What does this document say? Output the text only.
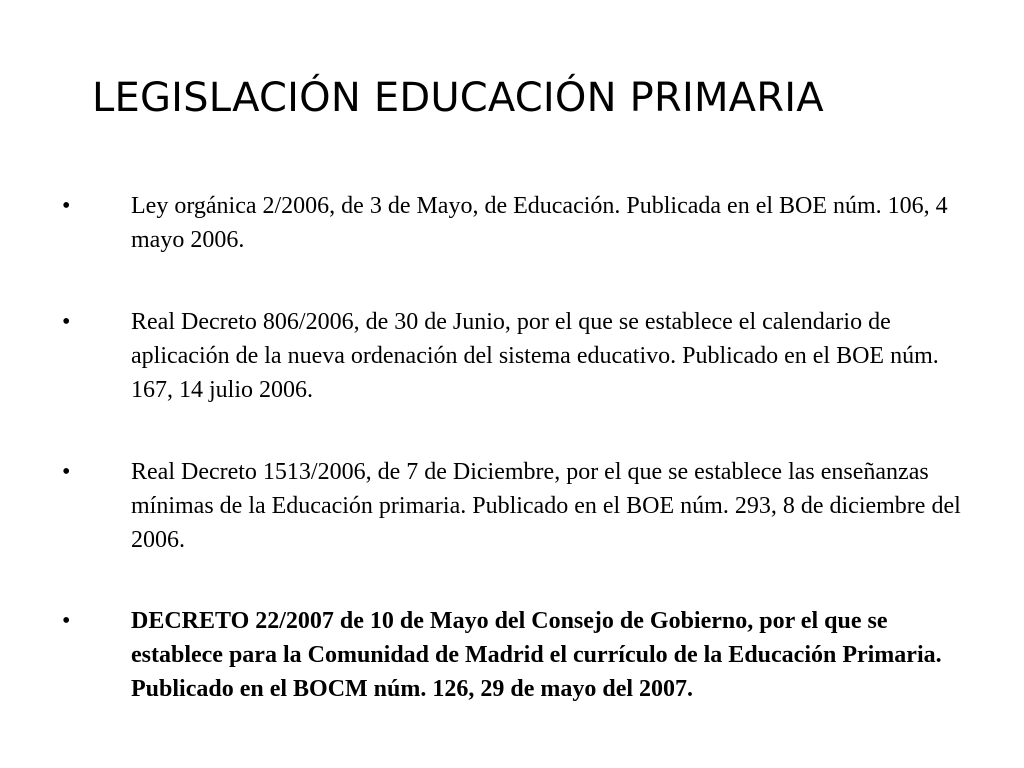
LEGISLACIÓN EDUCACIÓN PRIMARIA
•	Ley orgánica 2/2006, de 3 de Mayo, de Educación. Publicada en el BOE núm. 106, 4 mayo 2006.
•	Real Decreto 806/2006, de 30 de Junio, por el que se establece el calendario de aplicación de la nueva ordenación del sistema educativo. Publicado en el BOE núm. 167, 14 julio 2006.
•	Real Decreto 1513/2006, de 7 de Diciembre, por el que se establece las enseñanzas mínimas de la Educación primaria. Publicado en el BOE núm. 293, 8 de diciembre del 2006.
•	DECRETO 22/2007 de 10 de Mayo del Consejo de Gobierno, por el que se establece para la Comunidad de Madrid el currículo de la Educación Primaria. Publicado en el BOCM núm. 126, 29 de mayo del 2007.
